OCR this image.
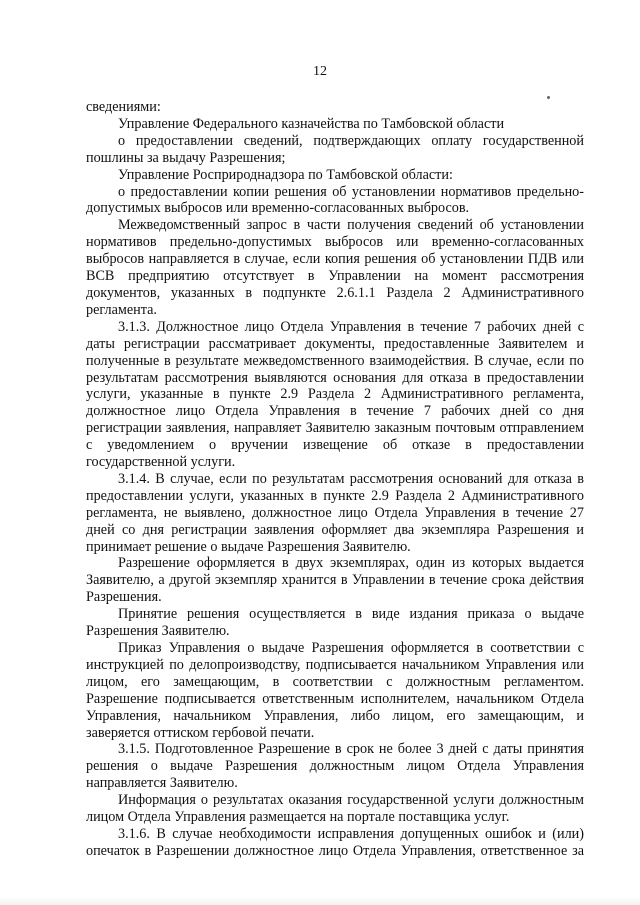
12

сведениями:

Управление Федерального казначейства по Тамбовской области

о предоставлении сведений, подтверждающих оплату государственной пошлины за выдачу Разрешения;

Управление Росприроднадзора по Тамбовской области:

о предоставлении копии решения об установлении нормативов предельно-допустимых выбросов или временно-согласованных выбросов.

Межведомственный запрос в части получения сведений об установлении нормативов предельно-допустимых выбросов или временно-согласованных выбросов направляется в случае, если копия решения об установлении ПДВ или ВСВ предприятию отсутствует в Управлении на момент рассмотрения документов, указанных в подпункте 2.6.1.1 Раздела 2 Административного регламента.

3.1.3. Должностное лицо Отдела Управления в течение 7 рабочих дней с даты регистрации рассматривает документы, предоставленные Заявителем и полученные в результате межведомственного взаимодействия. В случае, если по результатам рассмотрения выявляются основания для отказа в предоставлении услуги, указанные в пункте 2.9 Раздела 2 Административного регламента, должностное лицо Отдела Управления в течение 7 рабочих дней со дня регистрации заявления, направляет Заявителю заказным почтовым отправлением с уведомлением о вручении извещение об отказе в предоставлении государственной услуги.

3.1.4. В случае, если по результатам рассмотрения оснований для отказа в предоставлении услуги, указанных в пункте 2.9 Раздела 2 Административного регламента, не выявлено, должностное лицо Отдела Управления в течение 27 дней со дня регистрации заявления оформляет два экземпляра Разрешения и принимает решение о выдаче Разрешения Заявителю.

Разрешение оформляется в двух экземплярах, один из которых выдается Заявителю, а другой экземпляр хранится в Управлении в течение срока действия Разрешения.

Принятие решения осуществляется в виде издания приказа о выдаче Разрешения Заявителю.

Приказ Управления о выдаче Разрешения оформляется в соответствии с инструкцией по делопроизводству, подписывается начальником Управления или лицом, его замещающим, в соответствии с должностным регламентом. Разрешение подписывается ответственным исполнителем, начальником Отдела Управления, начальником Управления, либо лицом, его замещающим, и заверяется оттиском гербовой печати.

3.1.5. Подготовленное Разрешение в срок не более 3 дней с даты принятия решения о выдаче Разрешения должностным лицом Отдела Управления направляется Заявителю.

Информация о результатах оказания государственной услуги должностным лицом Отдела Управления размещается на портале поставщика услуг.

3.1.6. В случае необходимости исправления допущенных ошибок и (или) опечаток в Разрешении должностное лицо Отдела Управления, ответственное за
